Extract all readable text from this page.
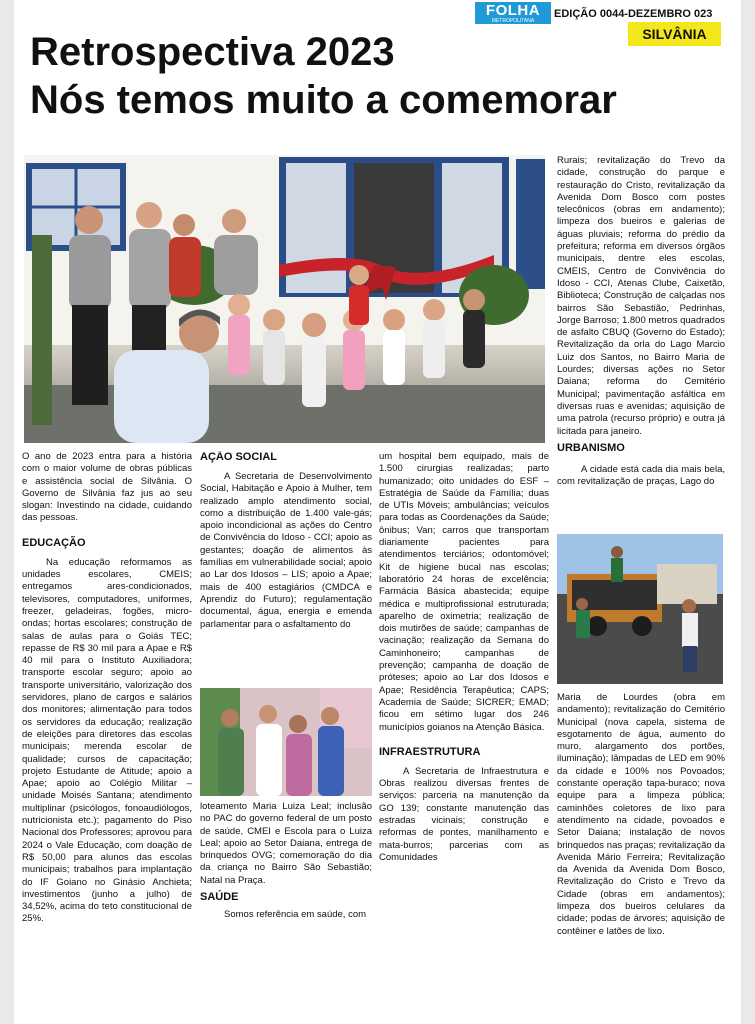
FOLHA
METROPOLITANA
EDIÇÃO 0044-DEZEMBRO 023
SILVÂNIA
Retrospectiva 2023
Nós temos muito a comemorar

O ano de 2023 entra para a história com o maior volume de obras públicas e assistência social de Silvânia. O Governo de Silvânia faz jus ao seu slogan: Investindo na cidade, cuidando das pessoas.

EDUCAÇÃO

Na educação reformamos as unidades escolares, CMEIS; entregamos ares-condicionados, televisores, computadores, uniformes, freezer, geladeiras, fogões, micro-ondas; hortas escolares; construção de salas de aulas para o Goiás TEC; repasse de R$ 30 mil para a Apae e R$ 40 mil para o Instituto Auxiliadora; transporte escolar seguro; apoio ao transporte universitário, valorização dos servidores, plano de cargos e salários dos monitores; alimentação para todos os servidores da educação; realização de eleições para diretores das escolas municipais; merenda escolar de qualidade; cursos de capacitação; projeto Estudante de Atitude; apoio a Apae; apoio ao Colégio Militar – unidade Moisés Santana; atendimento multiplinar (psicólogos, fonoaudiólogos, nutricionista etc.); pagamento do Piso Nacional dos Professores; aprovou para 2024 o Vale Educação, com doação de R$ 50,00 para alunos das escolas municipais; trabalhos para implantação do IF Goiano no Ginásio Anchieta; investimentos (junho a julho) de 34,52%, acima do teto constitucional de 25%.

AÇÃO SOCIAL

A Secretaria de Desenvolvimento Social, Habitação e Apoio à Mulher, tem realizado amplo atendimento social, como a distribuição de 1.400 vale-gás; apoio incondicional as ações do Centro de Convivência do Idoso - CCI; apoio as gestantes; doação de alimentos às famílias em vulnerabilidade social; apoio ao Lar dos Idosos – LIS; apoio a Apae; mais de 400 estagiários (CMDCA e Aprendiz do Futuro); regulamentação documental, água, energia e emenda parlamentar para o asfaltamento do

loteamento Maria Luiza Leal; inclusão no PAC do governo federal de um posto de saúde, CMEI e Escola para o Luiza Leal; apoio ao Setor Daiana, entrega de brinquedos OVG; comemoração do dia da criança no Bairro São Sebastião; Natal na Praça.

SAÚDE

Somos referência em saúde, com

um hospital bem equipado, mais de 1.500 cirurgias realizadas; parto humanizado; oito unidades do ESF – Estratégia de Saúde da Família; duas de UTIs Móveis; ambulâncias; veículos para todas as Coordenações da Saúde; ônibus; Van; carros que transportam diariamente pacientes para atendimentos terciários; odontomóvel; Kit de higiene bucal nas escolas; laboratório 24 horas de excelência; Farmácia Básica abastecida; equipe médica e multiprofissional estruturada; aparelho de oximetria; realização de dois mutirões de saúde; campanhas de vacinação; realização da Semana do Caminhoneiro; campanhas de prevenção; campanha de doação de próteses; apoio ao Lar dos Idosos e Apae; Residência Terapêutica; CAPS; Academia de Saúde; SICRER; EMAD; ficou em sétimo lugar dos 246 municípios goianos na Atenção Básica.

INFRAESTRUTURA

A Secretaria de Infraestrutura e Obras realizou diversas frentes de serviços: parceria na manutenção da GO 139; constante manutenção das estradas vicinais; construção e reformas de pontes, manilhamento e mata-burros; parcerias com as Comunidades

Rurais; revitalização do Trevo da cidade, construção do parque e restauração do Cristo, revitalização da Avenida Dom Bosco com postes telecônicos (obras em andamento); limpeza dos bueiros e galerias de águas pluviais; reforma do prédio da prefeitura; reforma em diversos órgãos municipais, dentre eles escolas, CMEIS, Centro de Convivência do Idoso - CCI, Atenas Clube, Caixetão, Biblioteca; Construção de calçadas nos bairros São Sebastião, Pedrinhas, Jorge Barroso; 1.800 metros quadrados de asfalto CBUQ (Governo do Estado); Revitalização da orla do Lago Marcio Luiz dos Santos, no Bairro Maria de Lourdes; diversas ações no Setor Daiana; reforma do Cemitério Municipal; pavimentação asfáltica em diversas ruas e avenidas; aquisição de uma patrola (recurso próprio) e outra já licitada para janeiro.

URBANISMO

A cidade está cada dia mais bela, com revitalização de praças, Lago do

Maria de Lourdes (obra em andamento); revitalização do Cemitério Municipal (nova capela, sistema de esgotamento de água, aumento do muro, alargamento dos portões, iluminação); lâmpadas de LED em 90% da cidade e 100% nos Povoados; constante operação tapa-buraco; nova equipe para a limpeza pública; caminhões coletores de lixo para atendimento na cidade, povoados e Setor Daiana; instalação de novos brinquedos nas praças; revitalização da Avenida Mário Ferreira; Revitalização da Avenida da Avenida Dom Bosco, Revitalização do Cristo e Trevo da Cidade (obras em andamentos); limpeza dos bueiros celulares da cidade; podas de árvores; aquisição de contêiner e latões de lixo.
